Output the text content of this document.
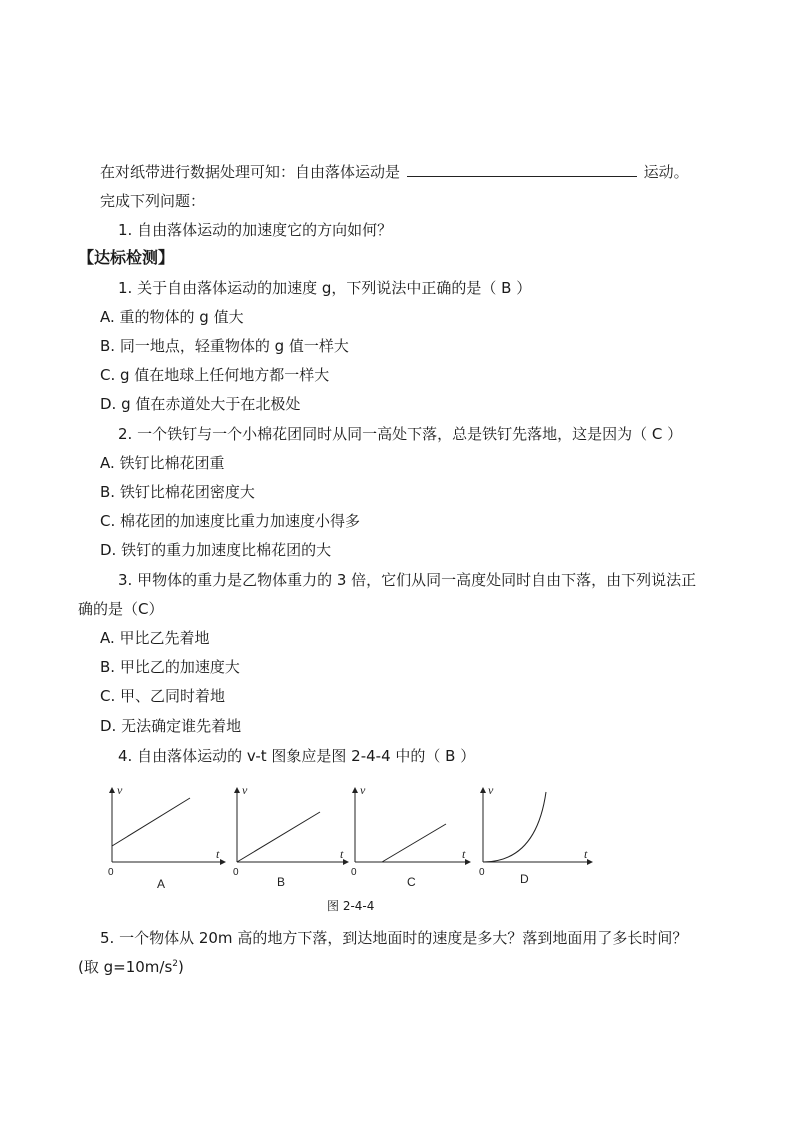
在对纸带进行数据处理可知：自由落体运动是	运动。
完成下列问题：
1. 自由落体运动的加速度它的方向如何？
【达标检测】
1. 关于自由落体运动的加速度 g，下列说法中正确的是（ B ）
A. 重的物体的 g 值大
B. 同一地点，轻重物体的 g 值一样大
C. g 值在地球上任何地方都一样大
D. g 值在赤道处大于在北极处
2. 一个铁钉与一个小棉花团同时从同一高处下落，总是铁钉先落地，这是因为（ C ）
A. 铁钉比棉花团重
B. 铁钉比棉花团密度大
C. 棉花团的加速度比重力加速度小得多
D. 铁钉的重力加速度比棉花团的大
3. 甲物体的重力是乙物体重力的 3 倍，它们从同一高度处同时自由下落，由下列说法正
确的是（C）
A. 甲比乙先着地
B. 甲比乙的加速度大
C. 甲、乙同时着地
D. 无法确定谁先着地
4. 自由落体运动的 v-t 图象应是图 2-4-4 中的（ B ）
v
t
v
t
v
t
v
t
0	0	0	0
A	B	C	D
图 2-4-4
5. 一个物体从 20m 高的地方下落，到达地面时的速度是多大？落到地面用了多长时间？
(取 $g=10m/s^2$)
